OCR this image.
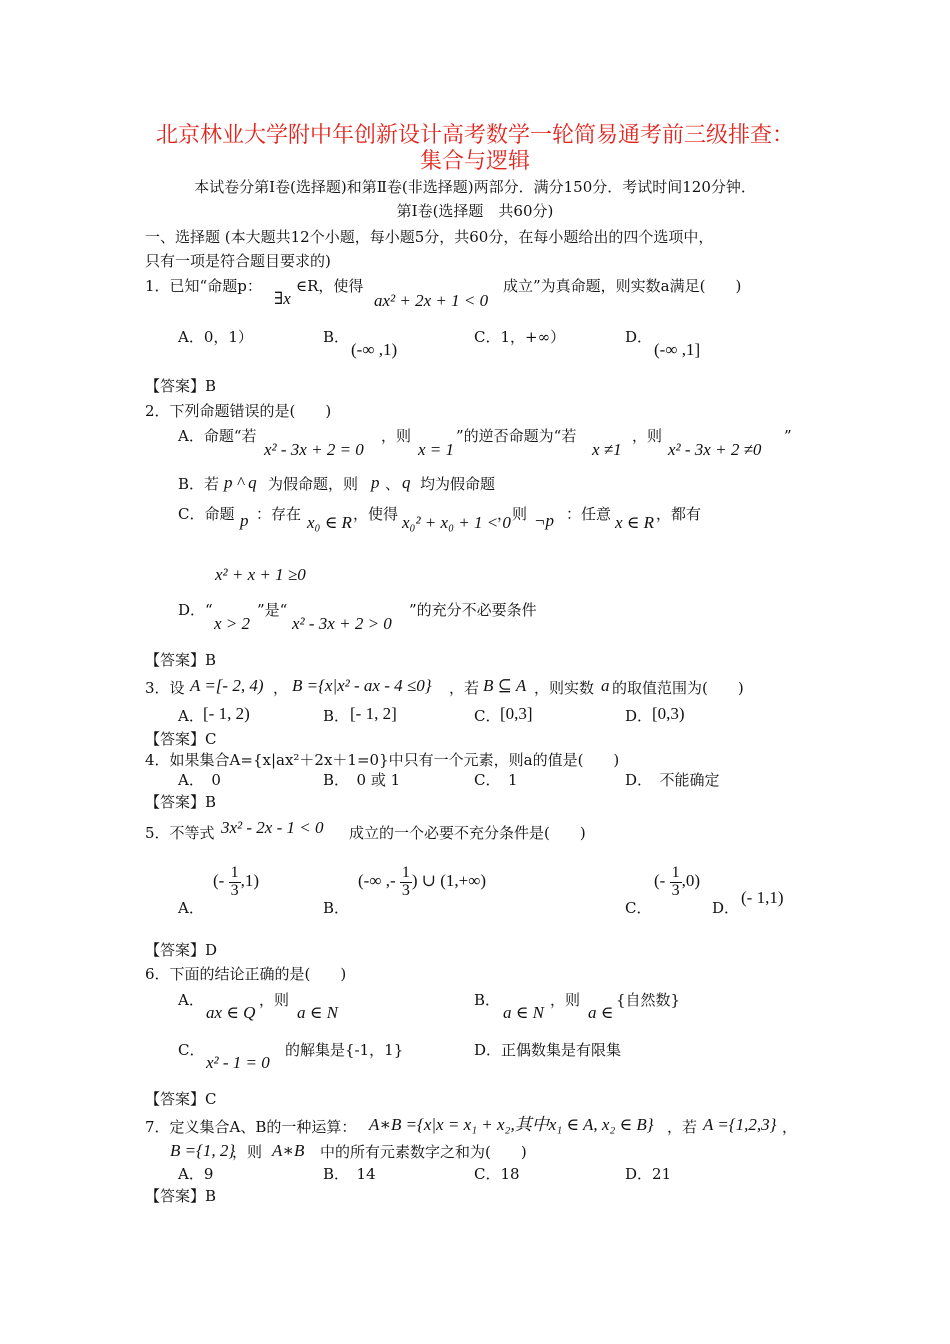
北京林业大学附中年创新设计高考数学一轮简易通考前三级排查：
集合与逻辑
本试卷分第Ⅰ卷(选择题)和第Ⅱ卷(非选择题)两部分．满分150分．考试时间120分钟．
第Ⅰ卷(选择题　共60分)
一、选择题 (本大题共12个小题，每小题5分，共60分，在每小题给出的四个选项中，
只有一项是符合题目要求的)
1．已知“命题p：
∃x
∈R，使得
ax² + 2x + 1 < 0
成立”为真命题，则实数a满足(　　)
A．0，1）	B．
(-∞ ,1)
C．1，+∞）	D．
(-∞ ,1]
【答案】B
2．下列命题错误的是(　　)
A．命题“若
x² - 3x + 2 = 0
，则
x = 1
”的逆否命题为“若
x ≠1
，则
x² - 3x + 2 ≠0
”
B．若 p ^ q 为假命题，则 p 、 q 均为假命题
C．命题 p ：存在 x₀ ∈ R ，使得 x₀² + x₀ + 1 < 0
，则 ¬p ：任意 x ∈ R ，都有
x² + x + 1 ≥0
D．“
x > 2
”是“
x² - 3x + 2 > 0
”的充分不必要条件
【答案】B
3．设 A =[- 2, 4) ， B ={x|x² - ax - 4 ≤0} ，若 B ⊆ A ，则实数 a 的取值范围为(　　)
A． [- 1, 2)	B． [- 1, 2]	C． [0,3]	D． [0,3)
【答案】C
4．如果集合A={x|ax²＋2x＋1=0}中只有一个元素，则a的值是(　　)
A．　0	B．　0 或 1	C．　1	D．　不能确定
【答案】B
5．不等式 3x² - 2x - 1 < 0 成立的一个必要不充分条件是(　　)
A．
(- $\frac{1}{3} ,1$)
B．
(-∞ ,- $\frac{1}{3}$ ) ∪ (1,+∞)
C．
(- $\frac{1}{3} ,0$)
D．
(- 1,1)
【答案】D
6．下面的结论正确的是(　　)
A．
ax ∈ Q
，则
a ∈ N
B．
a ∈ N
，则
a ∈
{自然数}
C．
x² - 1 = 0
的解集是{-1，1}	D．正偶数集是有限集
【答案】C
7．定义集合A、B的一种运算： A∗B ={x|x = x₁ + x₂,其中x₁ ∈ A, x₂ ∈ B} ，若 A ={1,2,3} ，
B ={1, 2}
，则 A∗B 中的所有元素数字之和为(　　)
A．9	B．　14	C．18	D．21
【答案】B
